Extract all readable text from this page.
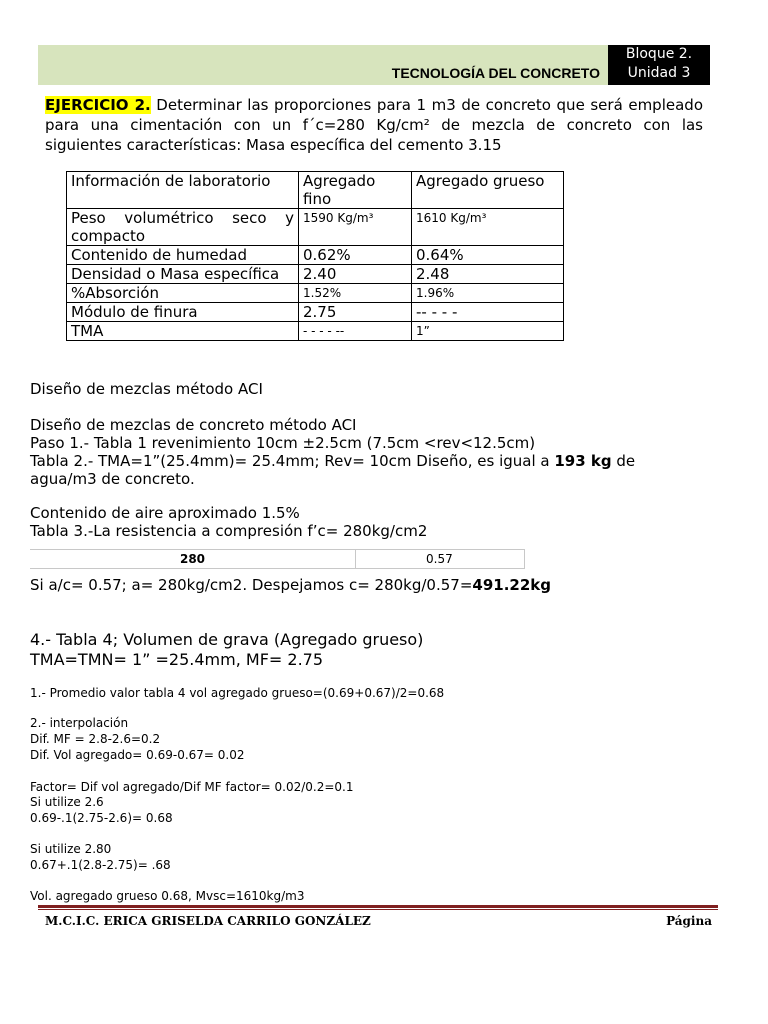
TECNOLOGÍA DEL CONCRETO
Bloque 2.
Unidad 3
EJERCICIO 2. Determinar las proporciones para 1 m3 de concreto que será empleado para una cimentación con un f´c=280 Kg/cm² de mezcla de concreto con las siguientes características: Masa específica del cemento 3.15
Información de laboratorio	Agregado fino	Agregado grueso
Peso volumétrico seco y compacto	1590 Kg/m³	1610 Kg/m³
Contenido de humedad	0.62%	0.64%
Densidad o Masa específica	2.40	2.48
%Absorción	1.52%	1.96%
Módulo de finura	2.75	-- - - -
TMA	- - - - --	1”
Diseño de mezclas método ACI
Diseño de mezclas de concreto método ACI
Paso 1.- Tabla 1 revenimiento 10cm ±2.5cm (7.5cm <rev<12.5cm)
Tabla 2.- TMA=1”(25.4mm)= 25.4mm; Rev= 10cm Diseño, es igual a 193 kg de
agua/m3 de concreto.
Contenido de aire aproximado 1.5%
Tabla 3.-La resistencia a compresión f’c= 280kg/cm2
280	0.57
Si a/c= 0.57; a= 280kg/cm2. Despejamos c= 280kg/0.57=491.22kg
4.- Tabla 4; Volumen de grava (Agregado grueso)
TMA=TMN= 1” =25.4mm, MF= 2.75
1.- Promedio valor tabla 4 vol agregado grueso=(0.69+0.67)/2=0.68
2.- interpolación
Dif. MF = 2.8-2.6=0.2
Dif. Vol agregado= 0.69-0.67= 0.02
Factor= Dif vol agregado/Dif MF factor= 0.02/0.2=0.1
Si utilize 2.6
0.69-.1(2.75-2.6)= 0.68
Si utilize 2.80
0.67+.1(2.8-2.75)= .68
Vol. agregado grueso 0.68, Mvsc=1610kg/m3
M.C.I.C. ERICA GRISELDA CARRILO GONZÁLEZ	Página
